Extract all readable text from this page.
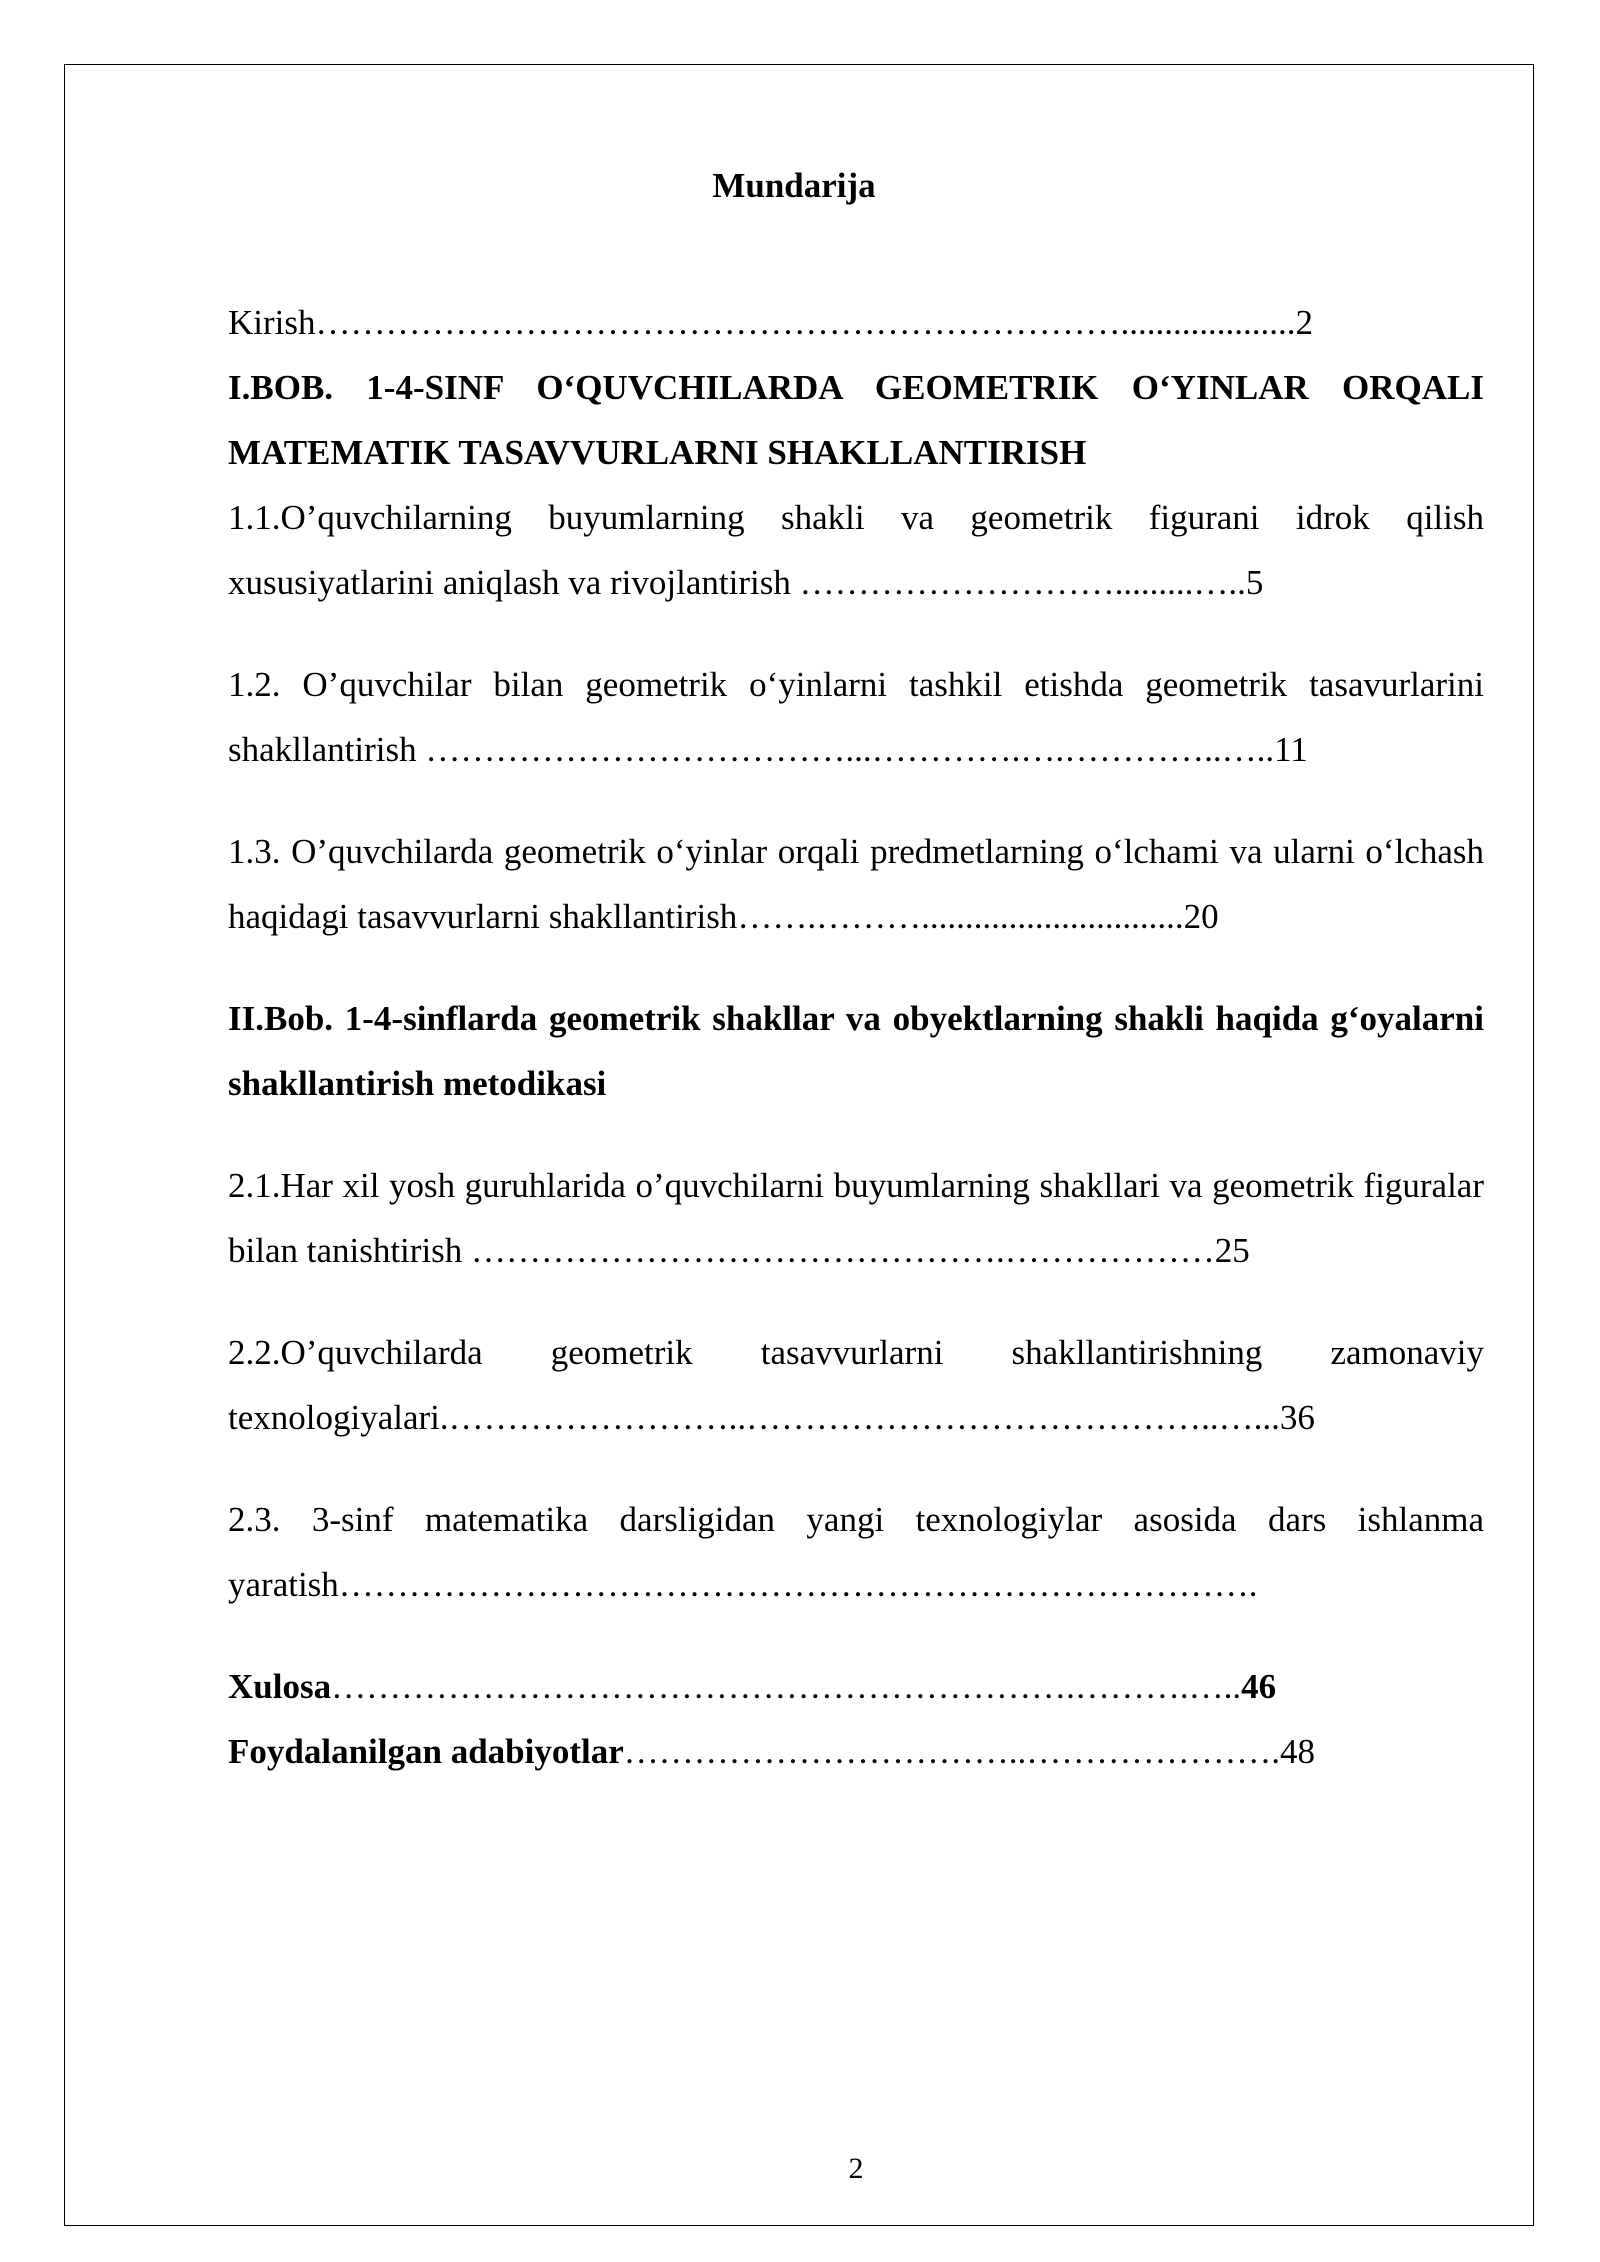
Mundarija
Kirish……………………………………………………………....................2
I.BOB. 1-4-SINF O‘QUVCHILARDA GEOMETRIK O‘YINLAR ORQALI MATEMATIK TASAVVURLARNI SHAKLLANTIRISH
1.1.O’quvchilarning buyumlarning shakli va geometrik figurani idrok qilish xususiyatlarini aniqlash va rivojlantirish ……………………….........…..5
1.2. O’quvchilar bilan geometrik o‘yinlarni tashkil etishda geometrik tasavurlarini shakllantirish ………………………………...………….….…………..…..11
1.3. O’quvchilarda geometrik o‘yinlar orqali predmetlarning o‘lchami va ularni o‘lchash haqidagi tasavvurlarni shakllantirish…….………..............................20
II.Bob. 1-4-sinflarda geometrik shakllar va obyektlarning shakli haqida g‘oyalarni shakllantirish metodikasi
2.1.Har xil yosh guruhlarida o’quvchilarni buyumlarning shakllari va geometrik figuralar bilan tanishtirish ……………………………………….………………25
2.2.O’quvchilarda geometrik tasavvurlarni shakllantirishning zamonaviy texnologiyalari.……………………..…………………………………..…...36
2.3. 3-sinf matematika darsligidan yangi texnologiylar asosida dars ishlanma yaratish…………………………………………………………………….
Xulosa……………………………………………………….……….…..46
Foydalanilgan adabiyotlar……………………………..………………….48
2
